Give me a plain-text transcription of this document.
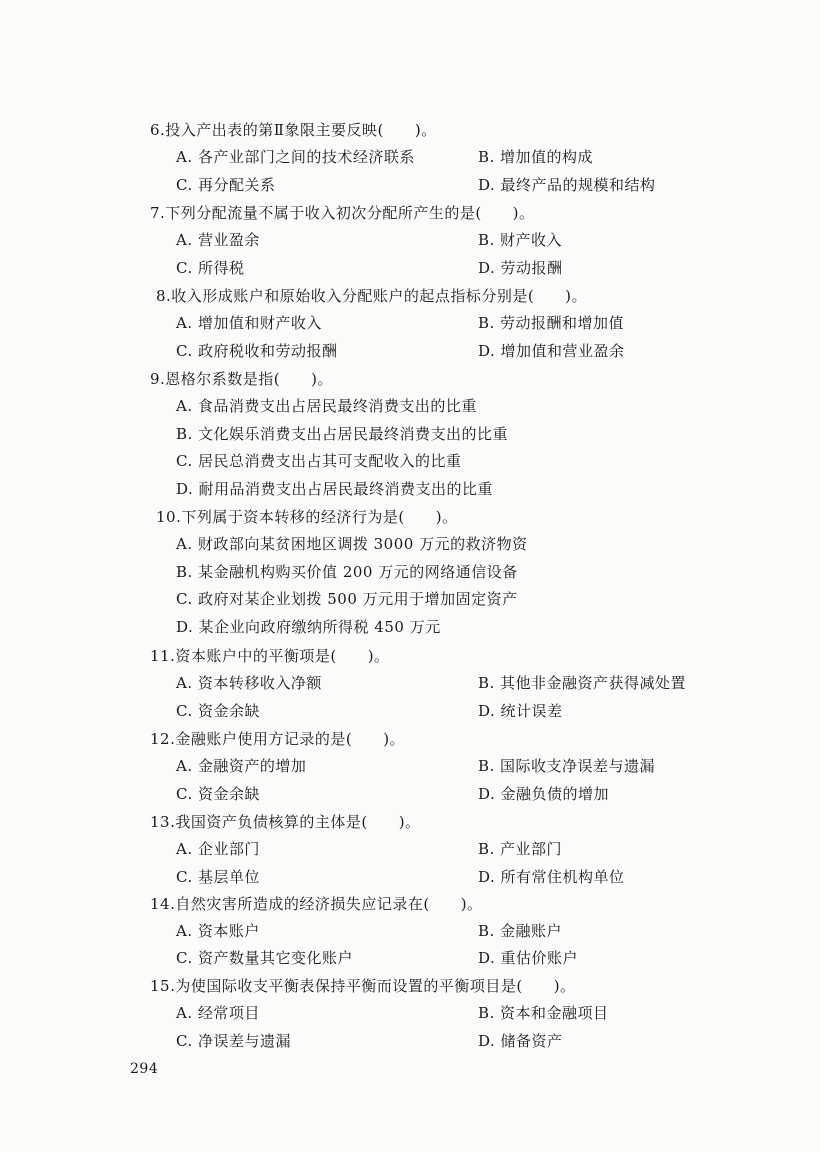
6.投入产出表的第Ⅱ象限主要反映(　　)。
A. 各产业部门之间的技术经济联系	B. 增加值的构成
C. 再分配关系	D. 最终产品的规模和结构
7.下列分配流量不属于收入初次分配所产生的是(　　)。
A. 营业盈余	B. 财产收入
C. 所得税	D. 劳动报酬
8.收入形成账户和原始收入分配账户的起点指标分别是(　　)。
A. 增加值和财产收入	B. 劳动报酬和增加值
C. 政府税收和劳动报酬	D. 增加值和营业盈余
9.恩格尔系数是指(　　)。
A. 食品消费支出占居民最终消费支出的比重
B. 文化娱乐消费支出占居民最终消费支出的比重
C. 居民总消费支出占其可支配收入的比重
D. 耐用品消费支出占居民最终消费支出的比重
10.下列属于资本转移的经济行为是(　　)。
A. 财政部向某贫困地区调拨 3000 万元的救济物资
B. 某金融机构购买价值 200 万元的网络通信设备
C. 政府对某企业划拨 500 万元用于增加固定资产
D. 某企业向政府缴纳所得税 450 万元
11.资本账户中的平衡项是(　　)。
A. 资本转移收入净额	B. 其他非金融资产获得减处置
C. 资金余缺	D. 统计误差
12.金融账户使用方记录的是(　　)。
A. 金融资产的增加	B. 国际收支净误差与遗漏
C. 资金余缺	D. 金融负债的增加
13.我国资产负债核算的主体是(　　)。
A. 企业部门	B. 产业部门
C. 基层单位	D. 所有常住机构单位
14.自然灾害所造成的经济损失应记录在(　　)。
A. 资本账户	B. 金融账户
C. 资产数量其它变化账户	D. 重估价账户
15.为使国际收支平衡表保持平衡而设置的平衡项目是(　　)。
A. 经常项目	B. 资本和金融项目
C. 净误差与遗漏	D. 储备资产
294
